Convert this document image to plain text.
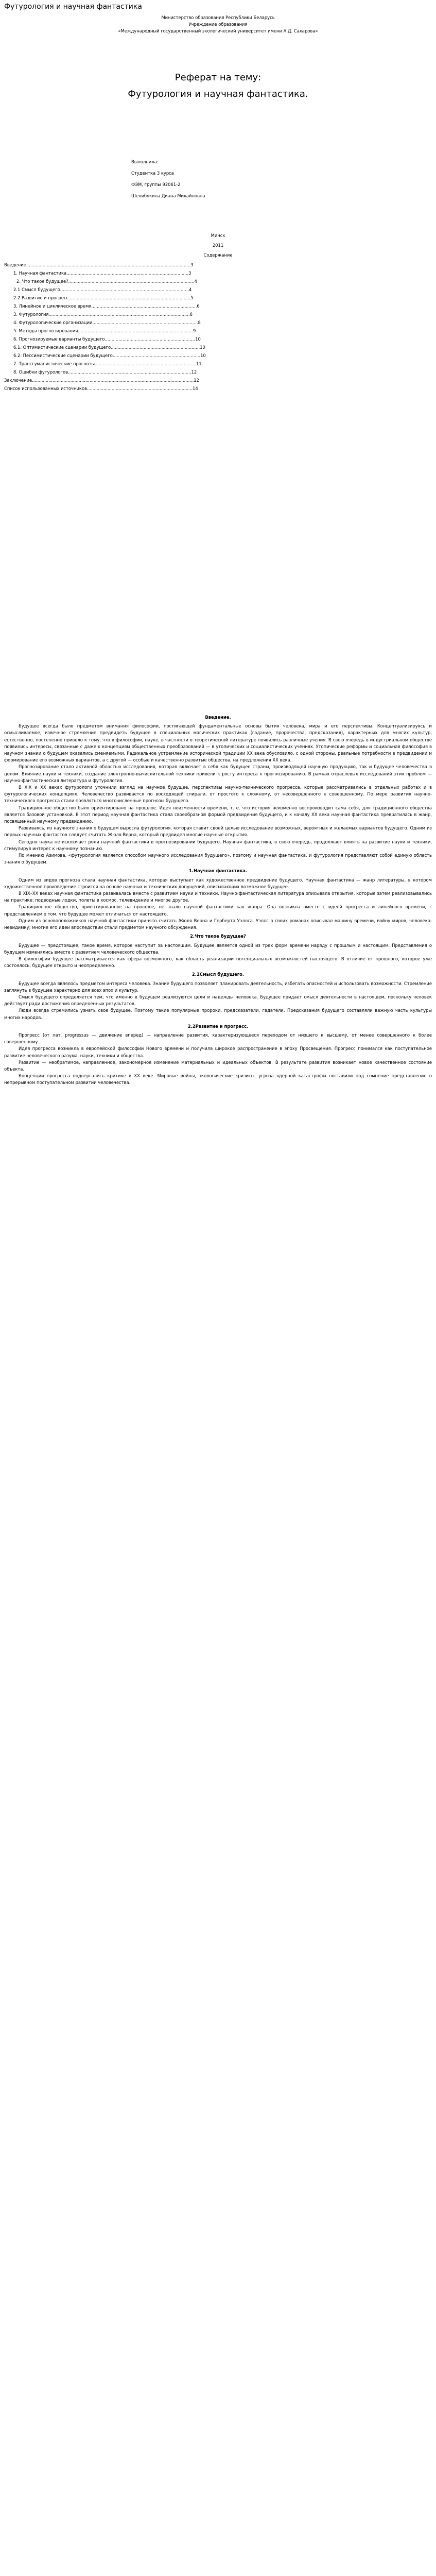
Футурология и научная фантастика
Министерство образования Республики Беларусь
Учреждение образования
«Международный государственный экологический университет имени А.Д. Сахарова»
Реферат на тему:
Футурология и научная фантастика.
Выполнила:
Студентка 3 курса
ФЭМ, группы 92061-2
Шелибякина Диана Михайловна
Минск
2011
Содержание
Введение........................................................................................................................3
1. Научная фантастика.........................................................................................3
2. Что такое будущее?............................................................................................4
2.1 Смысл будущего..............................................................................................4
2.2 Развитие и прогресс.........................................................................................5
3. Линейное и циклическое время.............................................................................6
3. Футурология.......................................................................................................6
4. Футурологические организации.............................................................................8
5. Методы прогнозирования....................................................................................9
6. Прогнозируемые варианты будущего..................................................................10
6.1. Оптимистические сценарии будущего.................................................................10
6.2. Пессимистические сценарии будущего................................................................10
7. Трансгуманистические прогнозы..........................................................................11
8. Ошибки футурологов..........................................................................................12
Заключение......................................................................................................................12
Список использованных источников.............................................................................14
Введение.
Будущее всегда было предметом внимания философии, постигающей фундаментальные основы бытия человека, мира и его перспективы. Концептуализируясь и осмысливаемое, извечное стремление предвидеть будущее в специальных магических практиках (гадание, пророчества, предсказания), характерных для многих культур, естественно, постепенно привело к тому, что в философии, науке, в частности в теоретической литературе появились различные учения. В свою очередь в индустриальном обществе появились интересы, связанные с даже к концепциям общественных преобразований — в утопических и социалистических учениях. Утопические реформы и социальная философия в научном знании о будущем оказались сменяемыми. Радикальное устремление исторической традиции XX века обусловило, с одной стороны, реальные потребности в предвидении и формирование его возможных вариантов, а с другой — особые и качественно развитые общества, на предложения XX века.
Прогнозирование стало активной областью исследования, которая включает в себя как будущее страны, производящей научную продукцию, так и будущее человечества в целом. Влияние науки и техники, создание электронно-вычислительной техники привели к росту интереса к прогнозированию. В рамках отраслевых исследований этих проблем — научно-фантастическая литература и футурология.
В XIX и XX веках футурологи уточнили взгляд на научное будущее, перспективы научно-технического прогресса, которые рассматривались в отдельных работах и в футурологических концепциях. Человечество развивается по восходящей спирали, от простого к сложному, от несовершенного к совершенному. По мере развития научно-технического прогресса стали появляться многочисленные прогнозы будущего.
Традиционное общество было ориентировано на прошлое. Идея неизменности времени, т. е. что история неизменно воспроизводит сама себя, для традиционного общества является базовой установкой. В этот период научная фантастика стала своеобразной формой предвидения будущего, и к началу XX века научная фантастика превратилась в жанр, посвященный научному предвидению.
Развиваясь, из научного знания о будущем выросла футурология, которая ставит своей целью исследование возможных, вероятных и желаемых вариантов будущего. Одним из первых научных фантастов следует считать Жюля Верна, который предвидел многие научные открытия.
Сегодня наука не исключает роли научной фантастики в прогнозировании будущего. Научная фантастика, в свою очередь, продолжает влиять на развитие науки и техники, стимулируя интерес к научному познанию.
По мнению Азимова, «футурология является способом научного исследования будущего», поэтому и научная фантастика, и футурология представляют собой единую область знания о будущем.
1.Научная фантастика.
Одним из видов прогноза стала научная фантастика, которая выступает как художественное предвидение будущего. Научная фантастика — жанр литературы, в котором художественное произведение строится на основе научных и технических допущений, описывающих возможное будущее.
В XIX–XX веках научная фантастика развивалась вместе с развитием науки и техники. Научно-фантастическая литература описывала открытия, которые затем реализовывались на практике: подводные лодки, полеты в космос, телевидение и многое другое.
Традиционное общество, ориентированное на прошлое, не знало научной фантастики как жанра. Она возникла вместе с идеей прогресса и линейного времени, с представлением о том, что будущее может отличаться от настоящего.
Одним из основоположников научной фантастики принято считать Жюля Верна и Герберта Уэллса. Уэллс в своих романах описывал машину времени, войну миров, человека-невидимку; многие его идеи впоследствии стали предметом научного обсуждения.
2.Что такое будущее?
Будущее — предстоящее, такое время, которое наступит за настоящим. Будущее является одной из трех форм времени наряду с прошлым и настоящим. Представления о будущем изменялись вместе с развитием человеческого общества.
В философии будущее рассматривается как сфера возможного, как область реализации потенциальных возможностей настоящего. В отличие от прошлого, которое уже состоялось, будущее открыто и неопределенно.
2.1Смысл будущего.
Будущее всегда являлось предметом интереса человека. Знание будущего позволяет планировать деятельность, избегать опасностей и использовать возможности. Стремление заглянуть в будущее характерно для всех эпох и культур.
Смысл будущего определяется тем, что именно в будущем реализуются цели и надежды человека. Будущее придает смысл деятельности в настоящем, поскольку человек действует ради достижения определенных результатов.
Люди всегда стремились узнать свое будущее. Поэтому такие популярные пророки, предсказатели, гадатели. Предсказания будущего составляли важную часть культуры многих народов.
2.2Развитие и прогресс.
Прогресс (от лат. progressus — движение вперед) — направление развития, характеризующееся переходом от низшего к высшему, от менее совершенного к более совершенному.
Идея прогресса возникла в европейской философии Нового времени и получила широкое распространение в эпоху Просвещения. Прогресс понимался как поступательное развитие человеческого разума, науки, техники и общества.
Развитие — необратимое, направленное, закономерное изменение материальных и идеальных объектов. В результате развития возникает новое качественное состояние объекта.
Концепции прогресса подвергались критике в XX веке. Мировые войны, экологические кризисы, угроза ядерной катастрофы поставили под сомнение представление о непрерывном поступательном развитии человечества.
